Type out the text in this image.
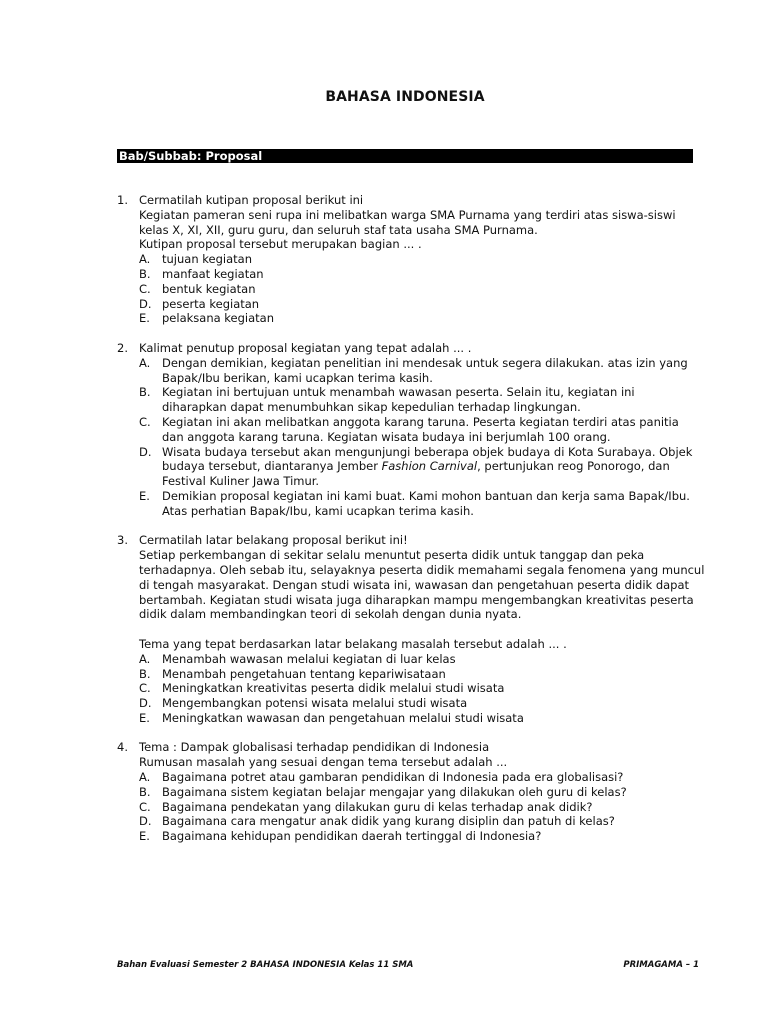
BAHASA INDONESIA
Bab/Subbab: Proposal
1. Cermatilah kutipan proposal berikut ini
Kegiatan pameran seni rupa ini melibatkan warga SMA Purnama yang terdiri atas siswa-siswi
kelas X, XI, XII, guru guru, dan seluruh staf tata usaha SMA Purnama.
Kutipan proposal tersebut merupakan bagian ... .
A. tujuan kegiatan
B. manfaat kegiatan
C. bentuk kegiatan
D. peserta kegiatan
E. pelaksana kegiatan
2. Kalimat penutup proposal kegiatan yang tepat adalah ... .
A. Dengan demikian, kegiatan penelitian ini mendesak untuk segera dilakukan. atas izin yang
Bapak/Ibu berikan, kami ucapkan terima kasih.
B. Kegiatan ini bertujuan untuk menambah wawasan peserta. Selain itu, kegiatan ini
diharapkan dapat menumbuhkan sikap kepedulian terhadap lingkungan.
C. Kegiatan ini akan melibatkan anggota karang taruna. Peserta kegiatan terdiri atas panitia
dan anggota karang taruna. Kegiatan wisata budaya ini berjumlah 100 orang.
D. Wisata budaya tersebut akan mengunjungi beberapa objek budaya di Kota Surabaya. Objek
budaya tersebut, diantaranya Jember Fashion Carnival, pertunjukan reog Ponorogo, dan
Festival Kuliner Jawa Timur.
E. Demikian proposal kegiatan ini kami buat. Kami mohon bantuan dan kerja sama Bapak/Ibu.
Atas perhatian Bapak/Ibu, kami ucapkan terima kasih.
3. Cermatilah latar belakang proposal berikut ini!
Setiap perkembangan di sekitar selalu menuntut peserta didik untuk tanggap dan peka
terhadapnya. Oleh sebab itu, selayaknya peserta didik memahami segala fenomena yang muncul
di tengah masyarakat. Dengan studi wisata ini, wawasan dan pengetahuan peserta didik dapat
bertambah. Kegiatan studi wisata juga diharapkan mampu mengembangkan kreativitas peserta
didik dalam membandingkan teori di sekolah dengan dunia nyata.
Tema yang tepat berdasarkan latar belakang masalah tersebut adalah ... .
A. Menambah wawasan melalui kegiatan di luar kelas
B. Menambah pengetahuan tentang kepariwisataan
C. Meningkatkan kreativitas peserta didik melalui studi wisata
D. Mengembangkan potensi wisata melalui studi wisata
E. Meningkatkan wawasan dan pengetahuan melalui studi wisata
4. Tema : Dampak globalisasi terhadap pendidikan di Indonesia
Rumusan masalah yang sesuai dengan tema tersebut adalah ...
A. Bagaimana potret atau gambaran pendidikan di Indonesia pada era globalisasi?
B. Bagaimana sistem kegiatan belajar mengajar yang dilakukan oleh guru di kelas?
C. Bagaimana pendekatan yang dilakukan guru di kelas terhadap anak didik?
D. Bagaimana cara mengatur anak didik yang kurang disiplin dan patuh di kelas?
E. Bagaimana kehidupan pendidikan daerah tertinggal di Indonesia?
Bahan Evaluasi Semester 2 BAHASA INDONESIA Kelas 11 SMA	PRIMAGAMA – 1
